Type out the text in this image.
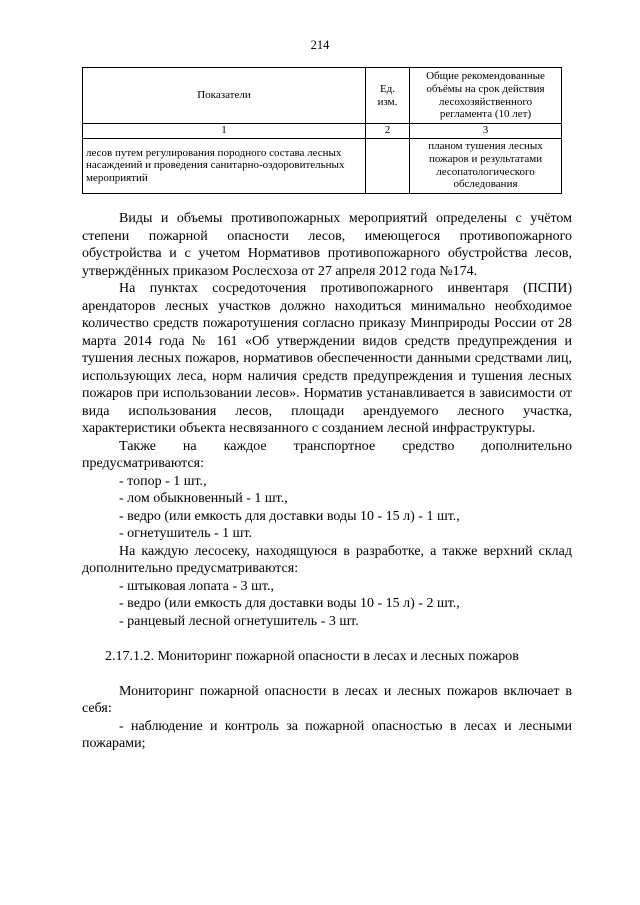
214
Показатели	Ед. изм.	Общие рекомендованные объёмы на срок действия лесохозяйственного регламента (10 лет)
1	2	3
лесов путем регулирования породного состава лесных насаждений и проведения санитарно-оздоровительных мероприятий		планом тушения лесных пожаров и результатами лесопатологического обследования

Виды и объемы противопожарных мероприятий определены с учётом степени пожарной опасности лесов, имеющегося противопожарного обустройства и с учетом Нормативов противопожарного обустройства лесов, утверждённых приказом Рослесхоза от 27 апреля 2012 года №174.

На пунктах сосредоточения противопожарного инвентаря (ПСПИ) арендаторов лесных участков должно находиться минимально необходимое количество средств пожаротушения согласно приказу Минприроды России от 28 марта 2014 года № 161 «Об утверждении видов средств предупреждения и тушения лесных пожаров, нормативов обеспеченности данными средствами лиц, использующих леса, норм наличия средств предупреждения и тушения лесных пожаров при использовании лесов». Норматив устанавливается в зависимости от вида использования лесов, площади арендуемого лесного участка, характеристики объекта несвязанного с созданием лесной инфраструктуры.

Также на каждое транспортное средство дополнительно предусматриваются:

- топор - 1 шт.,

- лом обыкновенный - 1 шт.,

- ведро (или емкость для доставки воды 10 - 15 л) - 1 шт.,

- огнетушитель - 1 шт.

На каждую лесосеку, находящуюся в разработке, а также верхний склад дополнительно предусматриваются:

- штыковая лопата - 3 шт.,

- ведро (или емкость для доставки воды 10 - 15 л) - 2 шт.,

- ранцевый лесной огнетушитель - 3 шт.

2.17.1.2. Мониторинг пожарной опасности в лесах и лесных пожаров

Мониторинг пожарной опасности в лесах и лесных пожаров включает в себя:

- наблюдение и контроль за пожарной опасностью в лесах и лесными пожарами;
